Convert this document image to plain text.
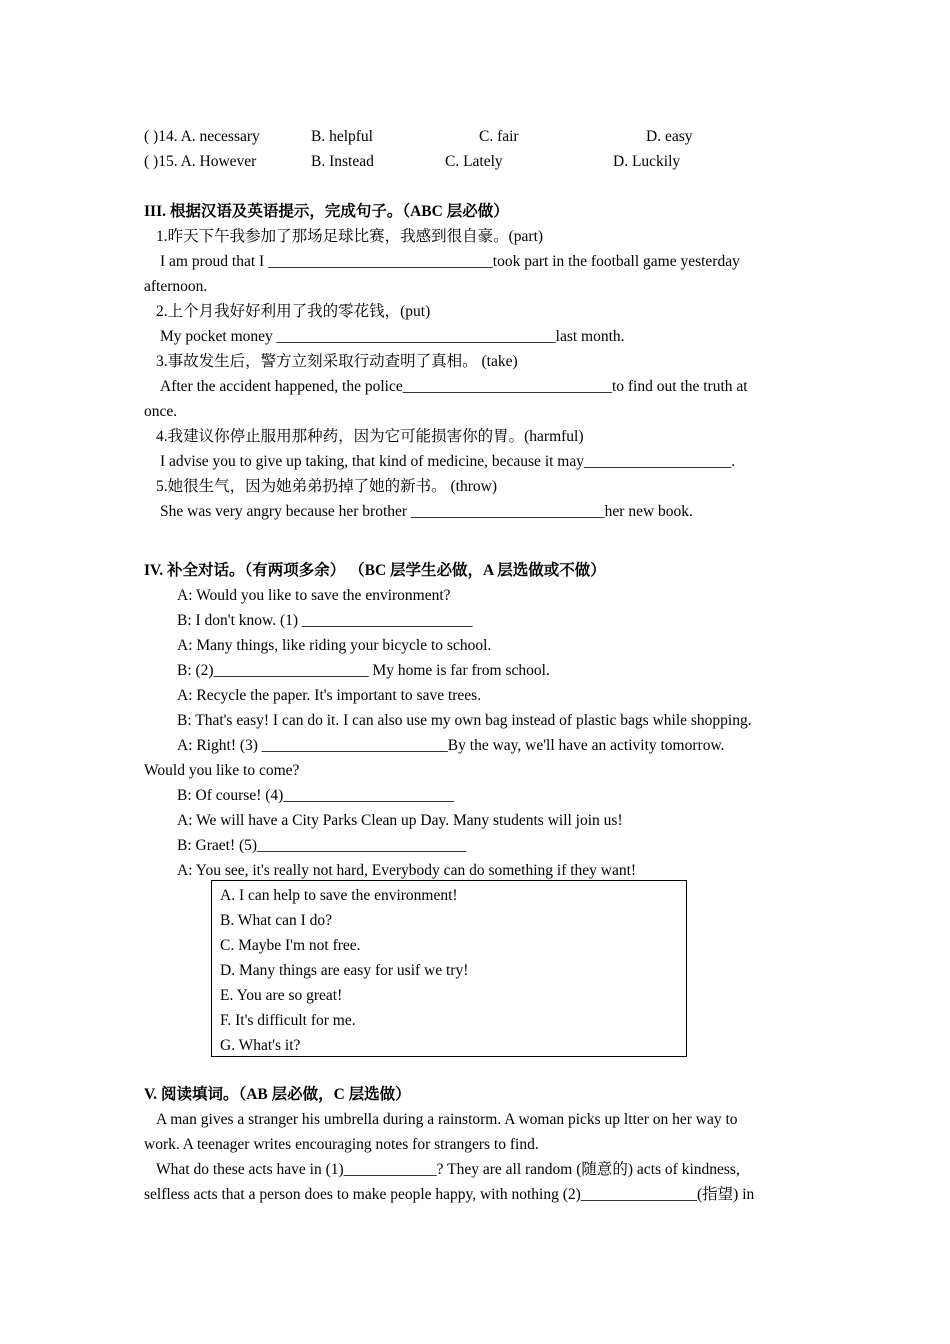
( )14. A. necessary	B. helpful	C. fair	D. easy
( )15. A. However	B. Instead	C. Lately	D. Luckily
III. 根据汉语及英语提示，完成句子。（ABC 层必做）
1.昨天下午我参加了那场足球比赛，我感到很自豪。(part)
I am proud that I _____________________________took part in the football game yesterday
afternoon.
2.上个月我好好利用了我的零花钱，(put)
My pocket money ____________________________________last month.
3.事故发生后，警方立刻采取行动查明了真相。 (take)
After the accident happened, the police___________________________to find out the truth at
once.
4.我建议你停止服用那种药，因为它可能损害你的胃。(harmful)
I advise you to give up taking, that kind of medicine, because it may___________________.
5.她很生气，因为她弟弟扔掉了她的新书。 (throw)
She was very angry because her brother _________________________her new book.
IV. 补全对话。（有两项多余） （BC 层学生必做，A 层选做或不做）
A: Would you like to save the environment?
B: I don't know. (1) ______________________
A: Many things, like riding your bicycle to school.
B: (2)____________________ My home is far from school.
A: Recycle the paper. It's important to save trees.
B: That's easy! I can do it. I can also use my own bag instead of plastic bags while shopping.
A: Right! (3) ________________________By the way, we'll have an activity tomorrow.
Would you like to come?
B: Of course! (4)______________________
A: We will have a City Parks Clean up Day. Many students will join us!
B: Graet! (5)___________________________
A: You see, it's really not hard, Everybody can do something if they want!
A. I can help to save the environment!
B. What can I do?
C. Maybe I'm not free.
D. Many things are easy for usif we try!
E. You are so great!
F. It's difficult for me.
G. What's it?
V. 阅读填词。（AB 层必做，C 层选做）
A man gives a stranger his umbrella during a rainstorm. A woman picks up ltter on her way to
work. A teenager writes encouraging notes for strangers to find.
What do these acts have in (1)____________? They are all random (随意的) acts of kindness,
selfless acts that a person does to make people happy, with nothing (2)_______________(指望) in
